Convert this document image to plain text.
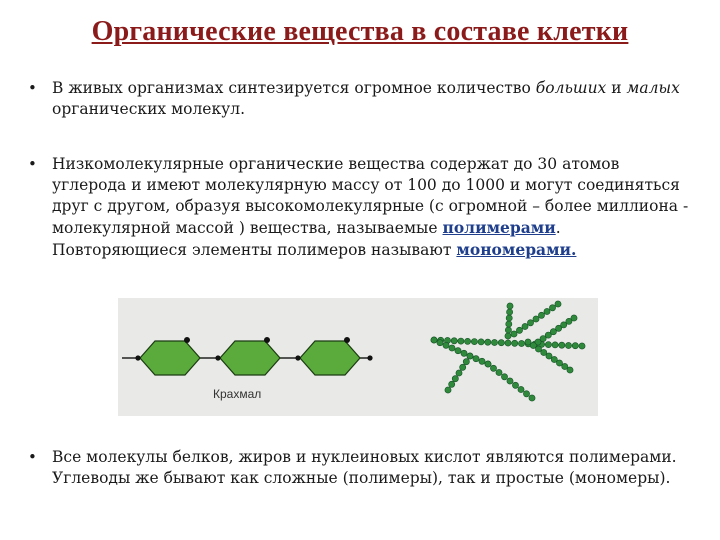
Органические вещества в составе клетки
• В живых организмах синтезируется огромное количество больших и малых органических молекул.
• Низкомолекулярные органические вещества содержат до 30 атомов углерода и имеют молекулярную массу от 100 до 1000 и могут соединяться друг с другом, образуя высокомолекулярные (с огромной – более миллиона - молекулярной массой ) вещества, называемые полимерами. Повторяющиеся элементы полимеров называют мономерами.
Крахмал
• Все молекулы белков, жиров и нуклеиновых кислот являются полимерами. Углеводы же бывают как сложные (полимеры), так и простые (мономеры).
